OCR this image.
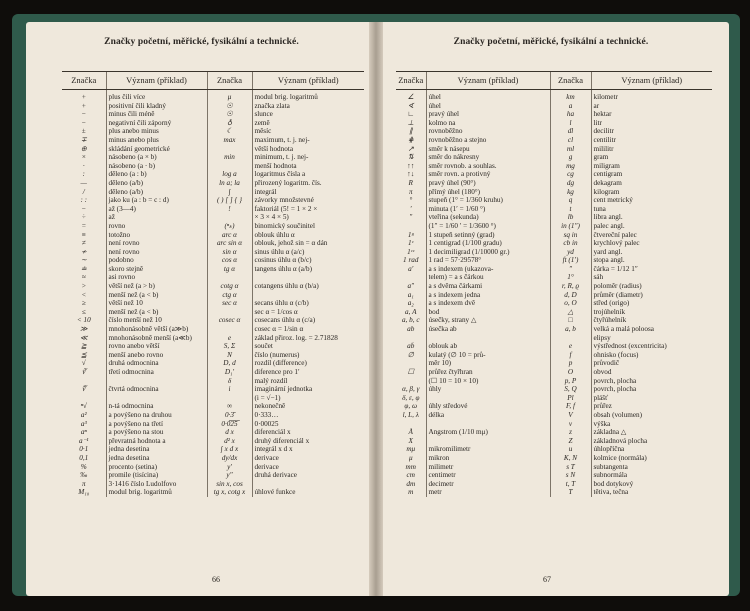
Značky početní, měřické, fysikální a technické.
Značka	Význam (příklad)	Značka	Význam (příklad)
+	plus čili více	μ	modul brig. logaritmů
+	positivní čili kladný	☉	značka zlata
−	minus čili méně	☉	slunce
−	negativní čili záporný	♁	země
±	plus anebo minus	☾	měsíc
∓	minus anebo plus	max	maximum, t. j. nej-
⊕	skládání geometrické		větší hodnota
×	násobeno (a × b)	min	minimum, t. j. nej-
·	násobeno (a · b)		menší hodnota
:	děleno (a : b)	log a	logaritmus čísla a
—	děleno (a/b)	ln a; la	přirozený logaritm. čís.
/	děleno (a/b)	∫	integrál
: :	jako ku (a : b = c : d)	( ) [ ] { }	závorky množstevné
−	až (3—4)	!	faktoriál (5! = 1 × 2 ×
÷	až		× 3 × 4 × 5)
=	rovno	(ⁿₖ)	binomický součinitel
≡	totožno	arc α	oblouk úhlu α
≠	není rovno	arc sin α	oblouk, jehož sin = α dán
≁	není rovno	sin α	sinus úhlu α (a/c)
∼	podobno	cos α	cosinus úhlu α (b/c)
≐	skoro stejně	tg α	tangens úhlu α (a/b)
≈	asi rovno		
>	větší než (a > b)	cotg α	cotangens úhlu α (b/a)
<	menší než (a < b)	ctg α	
≥	větší než 10	sec α	secans úhlu α (c/b)
≤	menší než (a < b)		sec α = 1/cos α
< 10	číslo menší než 10	cosec α	cosecans úhlu α (c/a)
≫	mnohonásobně větší (a≫b)		cosec α = 1/sin α
≪	mnohonásobně menší (a≪b)	e	základ přiroz. log. = 2.71828
≧	rovno anebo větší	S, Σ	součet
≦	menší anebo rovno	N	číslo (numerus)
√	druhá odmocnina	D, d	rozdíl (difference)
∛	třetí odmocnina	D₁′	diference pro 1′
		δ	malý rozdíl
∜	čtvrtá odmocnina	i	imaginární jednotka
			(i = √−1)
ⁿ√	n-tá odmocnina	∞	nekonečně
a²	a povýšeno na druhou	0·3̄	0·333…
a³	a povýšeno na třetí	0·0̅2̅5̅	0·00025
aⁿ	a povýšeno na stou	d x	diferenciál x
a⁻¹	převratná hodnota a	d² x	druhý diferenciál x
0·1	jedna desetina	∫ x d x	integrál x d x
0,1	jedna desetina	dy/dx	derivace
%	procento (setina)	y′	derivace
‰	promile (tisícina)	y″	druhá derivace
π	3·1416 číslo Ludolfovo	sin x, cos	
M₁₀	modul brig. logaritmů	tg x, cotg x	úhlové funkce
66
Značky početní, měřické, fysikální a technické.
Značka	Význam (příklad)	Značka	Význam (příklad)
∠	úhel	km	kilometr
∢	úhel	a	ar
∟	pravý úhel	ha	hektar
⊥	kolmo na	l	litr
∥	rovnoběžno	dl	decilitr
⋕	rovnoběžno a stejno	cl	centilitr
↗	směr k násepu	ml	mililitr
⇅	směr do nákresny	g	gram
↑↑	směr rovnob. a souhlas.	mg	miligram
↑↓	směr rovn. a protivný	cg	centigram
R	pravý úhel (90°)	dg	dekagram
π	přímý úhel (180°)	kg	kilogram
°	stupeň (1° = 1/360 kruhu)	q	cent metrický
′	minuta (1′ = 1/60 °)	t	tuna
″	vteřina (sekunda)	lb	libra angl.
	(1″ = 1/60 ′ = 1/3600 °)	in (1″)	palec angl.
1ᵍ	1 stupeň setinný (grad)	sq in	čtvereční palec
1ᶜ	1 centigrad (1/100 gradu)	cb in	krychlový palec
1ᶜᶜ	1 decimiligrad (1/10000 gr.)	yd	yard angl.
1 rad	1 rad = 57·29578°	ft (1′)	stopa angl.
a′	a s indexem (ukazova-	″	čárka = 1/12 1″
	telem) = a s čárkou	1°	sáh
a″	a s dvěma čárkami	r, R, ϱ	poloměr (radius)
a₁	a s indexem jedna	d, D	průměr (diametr)
a₂	a s indexem dvě	o, O	střed (origo)
a, A	bod	△	trojúhelník
a, b, c	úsečky, strany △	□	čtyřúhelník
ab	úsečka ab	a, b	velká a malá poloosa
			elipsy
ab̂	oblouk ab	e	výstřednost (excentricita)
∅	kulatý (∅ 10 = prů-	f	ohnisko (focus)
	měr 10)	p	průvodič
☐	průřez čtyřhran	O	obvod
	(☐ 10 = 10 × 10)	p, P	povrch, plocha
α, β, γ	úhly	S, Q	povrch, plocha
δ, ε, φ		Pl	plášť
φ, ω	úhly středové	F, f	průřez
l, L, λ	délka	V	obsah (volumen)
		v	výška
Å	Angstrom (1/10 mμ)	z	základna △
X		Z	základnová plocha
mμ	mikromilimetr	u	úhlopříčna
μ	mikron	K, N	kolmice (normála)
mm	milimetr	s T	subtangenta
cm	centimetr	s N	subnormála
dm	decimetr	t, T	bod dotykový
m	metr	T	tětiva, tečna
67
